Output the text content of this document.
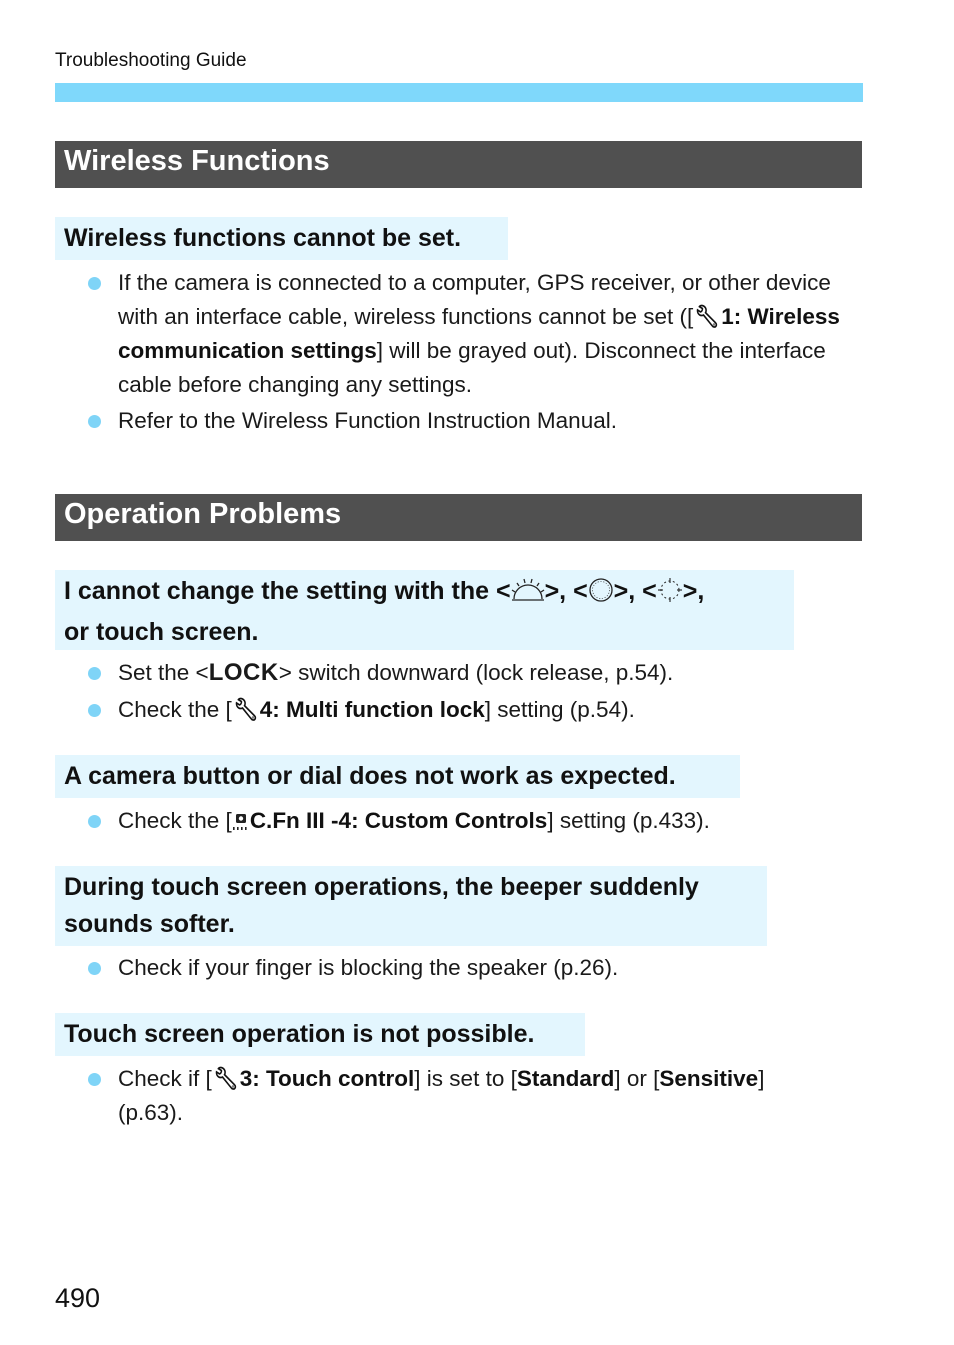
Troubleshooting Guide
Wireless Functions
Wireless functions cannot be set.
If the camera is connected to a computer, GPS receiver, or other device with an interface cable, wireless functions cannot be set ([🔧︎1: Wireless communication settings] will be grayed out). Disconnect the interface cable before changing any settings.
Refer to the Wireless Function Instruction Manual.
Operation Problems
I cannot change the setting with the < >, < >, < >,
or touch screen.
Set the <LOCK> switch downward (lock release, p.54).
Check the [🔧︎4: Multi function lock] setting (p.54).
A camera button or dial does not work as expected.
Check the [ C.Fn III -4: Custom Controls] setting (p.433).
During touch screen operations, the beeper suddenly
sounds softer.
Check if your finger is blocking the speaker (p.26).
Touch screen operation is not possible.
Check if [🔧︎3: Touch control] is set to [Standard] or [Sensitive]
(p.63).
490
